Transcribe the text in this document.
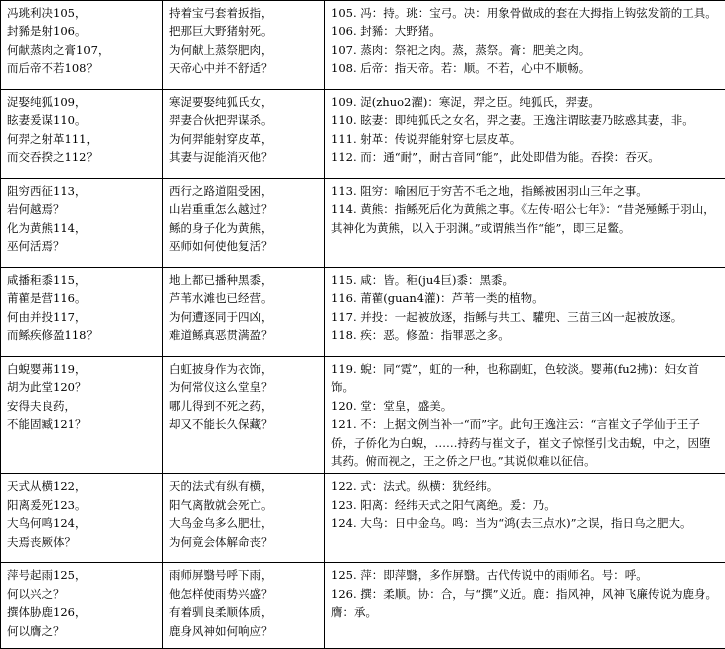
冯珧利决105，
封豨是射106。
何献蒸肉之膏107，
而后帝不若108？	持着宝弓套着扳指，
把那巨大野猪射死。
为何献上蒸祭肥肉，
天帝心中并不舒适？	105. 冯：持。珧：宝弓。决：用象骨做成的套在大拇指上钩弦发箭的工具。
106. 封豨：大野猪。
107. 蒸肉：祭祀之肉。蒸，蒸祭。膏：肥美之肉。
108. 后帝：指天帝。若：顺。不若，心中不顺畅。

浞娶纯狐109，
眩妻爰谋110。
何羿之射革111，
而交吞揆之112？	寒浞要娶纯狐氏女，
羿妻合伙把羿谋杀。
为何羿能射穿皮革，
其妻与浞能消灭他？	109. 浞(zhuo2濯)：寒浞，羿之臣。纯狐氏，羿妻。
110. 眩妻：即纯狐氏之女名，羿之妻。王逸注谓眩妻乃眩惑其妻，非。
111. 射革：传说羿能射穿七层皮革。
112. 而：通“耐”，耐古音同“能”，此处即借为能。吞揆：吞灭。

阻穷西征113，
岩何越焉？
化为黄熊114，
巫何活焉？	西行之路道阻受困，
山岩重重怎么越过？
鲧的身子化为黄熊，
巫师如何使他复活？	113. 阻穷：喻困厄于穷苦不毛之地，指鲧被困羽山三年之事。
114. 黄熊：指鲧死后化为黄熊之事。《左传·昭公七年》：“昔尧殛鲧于羽山，其神化为黄熊，以入于羽渊。”或谓熊当作“能”，即三足鳖。

咸播秬黍115，
莆雚是营116。
何由并投117，
而鲧疾修盈118？	地上都已播种黑黍，
芦苇水滩也已经营。
为何遭逐同于四凶，
难道鲧真恶贯满盈？	115. 咸：皆。秬(ju4巨)黍：黑黍。
116. 莆雚(guan4灌)：芦苇一类的植物。
117. 并投：一起被放逐，指鲧与共工、驩兜、三苗三凶一起被放逐。
118. 疾：恶。修盈：指罪恶之多。

白蜺婴茀119，
胡为此堂120？
安得夫良药，
不能固臧121？	白虹披身作为衣饰，
为何常仪这么堂皇？
哪儿得到不死之药，
却又不能长久保藏？	119. 蜺：同“霓”，虹的一种，也称副虹，色较淡。婴茀(fu2拂)：妇女首饰。
120. 堂：堂皇，盛美。
121. 不：上据文例当补一“而”字。此句王逸注云：“言崔文子学仙于王子侨，子侨化为白蜺，……持药与崔文子，崔文子惊怪引戈击蜺，中之，因堕其药。俯而视之，王之侨之尸也。”其说似难以征信。

天式从横122，
阳离爰死123。
大鸟何鸣124，
夫焉丧厥体？	天的法式有纵有横，
阳气离散就会死亡。
大鸟金乌多么肥壮，
为何竟会体解命丧？	122. 式：法式。纵横：犹经纬。
123. 阳离：经纬天式之阳气离绝。爰：乃。
124. 大鸟：日中金乌。鸣：当为“鸿(去三点水)”之误，指日乌之肥大。

萍号起雨125，
何以兴之？
撰体胁鹿126，
何以膺之？	雨师屏翳号呼下雨，
他怎样使雨势兴盛？
有着驯良柔顺体质，
鹿身风神如何响应？	125. 萍：即萍翳，多作屏翳。古代传说中的雨师名。号：呼。
126. 撰：柔顺。协：合，与“撰”义近。鹿：指风神，风神飞廉传说为鹿身。膺：承。
